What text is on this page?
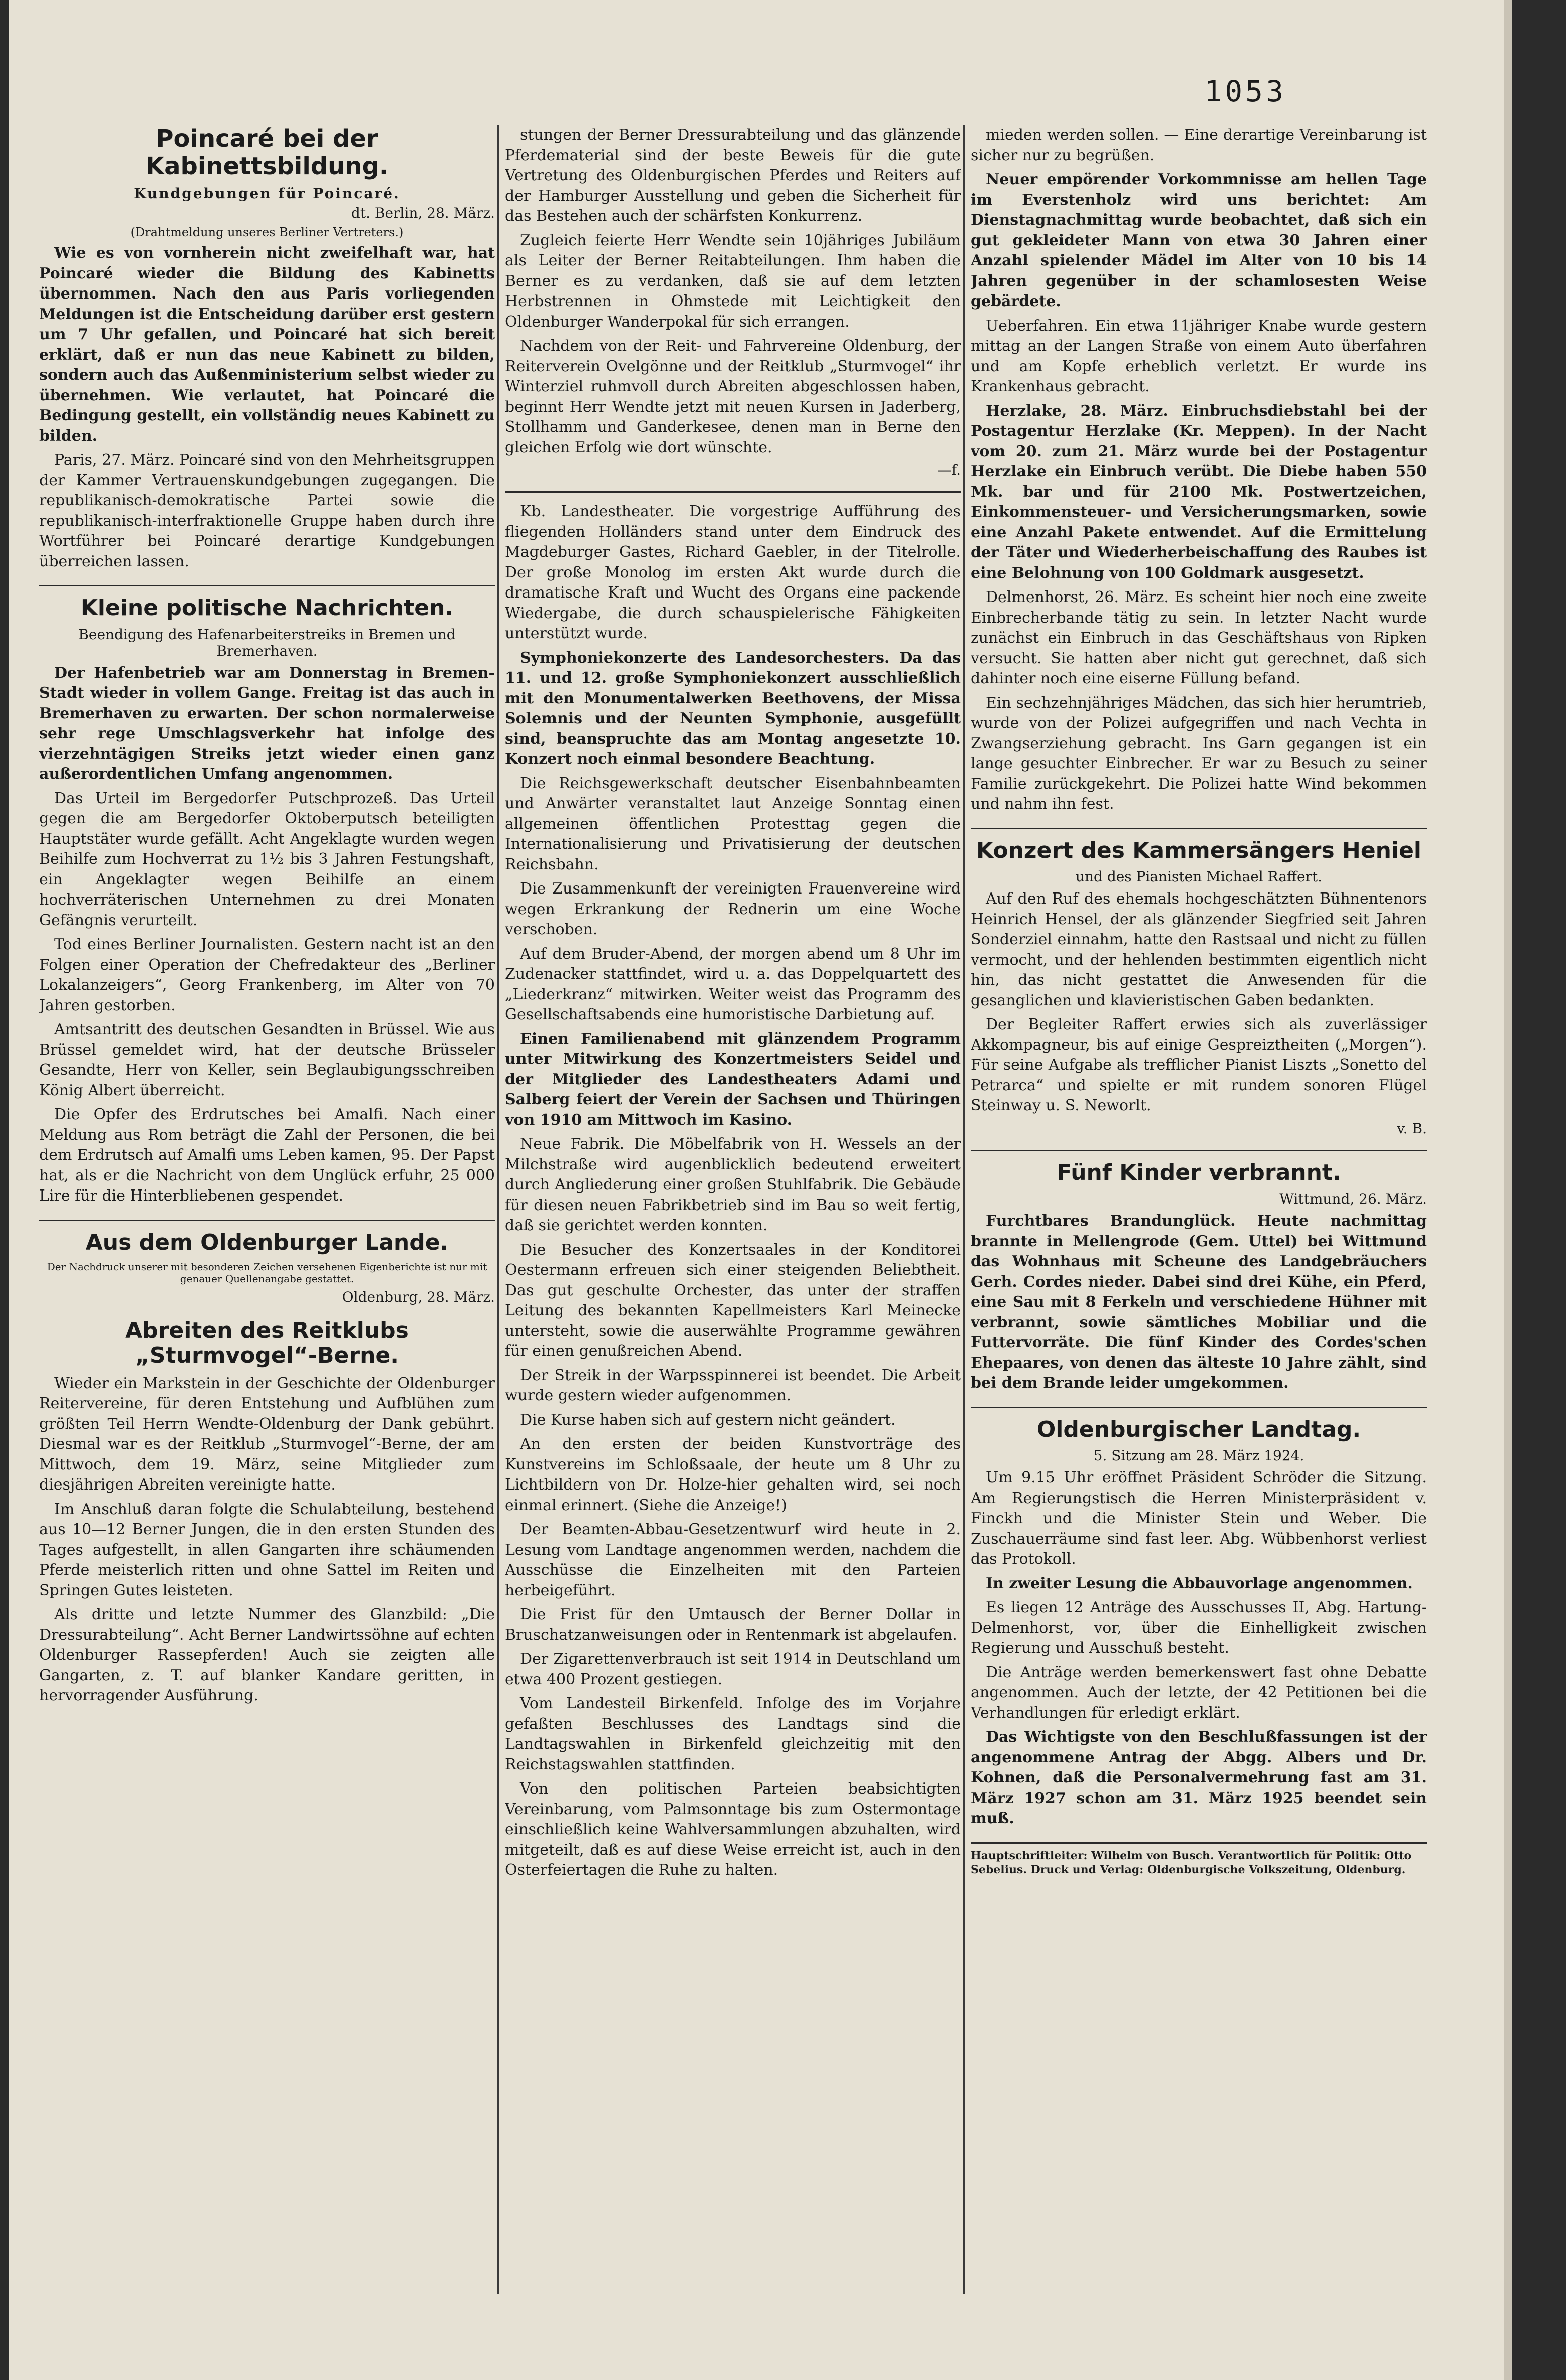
1053
Poincaré bei der Kabinettsbildung.
Kundgebungen für Poincaré.
dt. Berlin, 28. März.
(Drahtmeldung unseres Berliner Vertreters.)

Wie es von vornherein nicht zweifelhaft war, hat Poincaré wieder die Bildung des Kabinetts übernommen. Nach den aus Paris vorliegenden Meldungen ist die Entscheidung darüber erst gestern um 7 Uhr gefallen, und Poincaré hat sich bereit erklärt, daß er nun das neue Kabinett zu bilden, sondern auch das Außenministerium selbst wieder zu übernehmen. Wie verlautet, hat Poincaré die Bedingung gestellt, ein vollständig neues Kabinett zu bilden.

Paris, 27. März. Poincaré sind von den Mehrheitsgruppen der Kammer Vertrauenskundgebungen zugegangen. Die republikanisch-demokratische Partei sowie die republikanisch-interfraktionelle Gruppe haben durch ihre Wortführer bei Poincaré derartige Kundgebungen überreichen lassen.

Kleine politische Nachrichten.
Beendigung des Hafenarbeiterstreiks in Bremen und Bremerhaven.

Der Hafenbetrieb war am Donnerstag in Bremen-Stadt wieder in vollem Gange. Freitag ist das auch in Bremerhaven zu erwarten. Der schon normalerweise sehr rege Umschlagsverkehr hat infolge des vierzehntägigen Streiks jetzt wieder einen ganz außerordentlichen Umfang angenommen.

Das Urteil im Bergedorfer Putschprozeß. Das Urteil gegen die am Bergedorfer Oktoberputsch beteiligten Hauptstäter wurde gefällt. Acht Angeklagte wurden wegen Beihilfe zum Hochverrat zu 1½ bis 3 Jahren Festungshaft, ein Angeklagter wegen Beihilfe an einem hochverräterischen Unternehmen zu drei Monaten Gefängnis verurteilt.

Tod eines Berliner Journalisten. Gestern nacht ist an den Folgen einer Operation der Chefredakteur des „Berliner Lokalanzeigers“, Georg Frankenberg, im Alter von 70 Jahren gestorben.

Amtsantritt des deutschen Gesandten in Brüssel. Wie aus Brüssel gemeldet wird, hat der deutsche Brüsseler Gesandte, Herr von Keller, sein Beglaubigungsschreiben König Albert überreicht.

Die Opfer des Erdrutsches bei Amalfi. Nach einer Meldung aus Rom beträgt die Zahl der Personen, die bei dem Erdrutsch auf Amalfi ums Leben kamen, 95. Der Papst hat, als er die Nachricht von dem Unglück erfuhr, 25 000 Lire für die Hinterbliebenen gespendet.

Aus dem Oldenburger Lande.
Der Nachdruck unserer mit besonderen Zeichen versehenen Eigenberichte ist nur mit genauer Quellenangabe gestattet.
Oldenburg, 28. März.
Abreiten des Reitklubs „Sturmvogel“-Berne.

Wieder ein Markstein in der Geschichte der Oldenburger Reitervereine, für deren Entstehung und Aufblühen zum größten Teil Herrn Wendte-Oldenburg der Dank gebührt. Diesmal war es der Reitklub „Sturmvogel“-Berne, der am Mittwoch, dem 19. März, seine Mitglieder zum diesjährigen Abreiten vereinigte hatte.

Im Anschluß daran folgte die Schulabteilung, bestehend aus 10—12 Berner Jungen, die in den ersten Stunden des Tages aufgestellt, in allen Gangarten ihre schäumenden Pferde meisterlich ritten und ohne Sattel im Reiten und Springen Gutes leisteten.

Als dritte und letzte Nummer des Glanzbild: „Die Dressurabteilung“. Acht Berner Landwirtssöhne auf echten Oldenburger Rassepferden! Auch sie zeigten alle Gangarten, z. T. auf blanker Kandare geritten, in hervorragender Ausführung.

stungen der Berner Dressurabteilung und das glänzende Pferdematerial sind der beste Beweis für die gute Vertretung des Oldenburgischen Pferdes und Reiters auf der Hamburger Ausstellung und geben die Sicherheit für das Bestehen auch der schärfsten Konkurrenz.

Zugleich feierte Herr Wendte sein 10jähriges Jubiläum als Leiter der Berner Reitabteilungen. Ihm haben die Berner es zu verdanken, daß sie auf dem letzten Herbstrennen in Ohmstede mit Leichtigkeit den Oldenburger Wanderpokal für sich errangen.

Nachdem von der Reit- und Fahrvereine Oldenburg, der Reiterverein Ovelgönne und der Reitklub „Sturmvogel“ ihr Winterziel ruhmvoll durch Abreiten abgeschlossen haben, beginnt Herr Wendte jetzt mit neuen Kursen in Jaderberg, Stollhamm und Ganderkesee, denen man in Berne den gleichen Erfolg wie dort wünschte.

—f.

Kb. Landestheater. Die vorgestrige Aufführung des fliegenden Holländers stand unter dem Eindruck des Magdeburger Gastes, Richard Gaebler, in der Titelrolle. Der große Monolog im ersten Akt wurde durch die dramatische Kraft und Wucht des Organs eine packende Wiedergabe, die durch schauspielerische Fähigkeiten unterstützt wurde.

Symphoniekonzerte des Landesorchesters. Da das 11. und 12. große Symphoniekonzert ausschließlich mit den Monumentalwerken Beethovens, der Missa Solemnis und der Neunten Symphonie, ausgefüllt sind, beanspruchte das am Montag angesetzte 10. Konzert noch einmal besondere Beachtung.

Die Reichsgewerkschaft deutscher Eisenbahnbeamten und Anwärter veranstaltet laut Anzeige Sonntag einen allgemeinen öffentlichen Protesttag gegen die Internationalisierung und Privatisierung der deutschen Reichsbahn.

Die Zusammenkunft der vereinigten Frauenvereine wird wegen Erkrankung der Rednerin um eine Woche verschoben.

Auf dem Bruder-Abend, der morgen abend um 8 Uhr im Zudenacker stattfindet, wird u. a. das Doppelquartett des „Liederkranz“ mitwirken. Weiter weist das Programm des Gesellschaftsabends eine humoristische Darbietung auf.

Einen Familienabend mit glänzendem Programm unter Mitwirkung des Konzertmeisters Seidel und der Mitglieder des Landestheaters Adami und Salberg feiert der Verein der Sachsen und Thüringen von 1910 am Mittwoch im Kasino.

Neue Fabrik. Die Möbelfabrik von H. Wessels an der Milchstraße wird augenblicklich bedeutend erweitert durch Angliederung einer großen Stuhlfabrik. Die Gebäude für diesen neuen Fabrikbetrieb sind im Bau so weit fertig, daß sie gerichtet werden konnten.

Die Besucher des Konzertsaales in der Konditorei Oestermann erfreuen sich einer steigenden Beliebtheit. Das gut geschulte Orchester, das unter der straffen Leitung des bekannten Kapellmeisters Karl Meinecke untersteht, sowie die auserwählte Programme gewähren für einen genußreichen Abend.

Der Streik in der Warpsspinnerei ist beendet. Die Arbeit wurde gestern wieder aufgenommen.

Die Kurse haben sich auf gestern nicht geändert.

An den ersten der beiden Kunstvorträge des Kunstvereins im Schloßsaale, der heute um 8 Uhr zu Lichtbildern von Dr. Holze-hier gehalten wird, sei noch einmal erinnert. (Siehe die Anzeige!)

Der Beamten-Abbau-Gesetzentwurf wird heute in 2. Lesung vom Landtage angenommen werden, nachdem die Ausschüsse die Einzelheiten mit den Parteien herbeigeführt.

Die Frist für den Umtausch der Berner Dollar in Bruschatzanweisungen oder in Rentenmark ist abgelaufen.

Der Zigarettenverbrauch ist seit 1914 in Deutschland um etwa 400 Prozent gestiegen.

Vom Landesteil Birkenfeld. Infolge des im Vorjahre gefaßten Beschlusses des Landtags sind die Landtagswahlen in Birkenfeld gleichzeitig mit den Reichstagswahlen stattfinden.

Von den politischen Parteien beabsichtigten Vereinbarung, vom Palmsonntage bis zum Ostermontage einschließlich keine Wahlversammlungen abzuhalten, wird mitgeteilt, daß es auf diese Weise erreicht ist, auch in den Osterfeiertagen die Ruhe zu halten.

mieden werden sollen. — Eine derartige Vereinbarung ist sicher nur zu begrüßen.

Neuer empörender Vorkommnisse am hellen Tage im Everstenholz wird uns berichtet: Am Dienstagnachmittag wurde beobachtet, daß sich ein gut gekleideter Mann von etwa 30 Jahren einer Anzahl spielender Mädel im Alter von 10 bis 14 Jahren gegenüber in der schamlosesten Weise gebärdete.

Ueberfahren. Ein etwa 11jähriger Knabe wurde gestern mittag an der Langen Straße von einem Auto überfahren und am Kopfe erheblich verletzt. Er wurde ins Krankenhaus gebracht.

Herzlake, 28. März. Einbruchsdiebstahl bei der Postagentur Herzlake (Kr. Meppen). In der Nacht vom 20. zum 21. März wurde bei der Postagentur Herzlake ein Einbruch verübt. Die Diebe haben 550 Mk. bar und für 2100 Mk. Postwertzeichen, Einkommensteuer- und Versicherungsmarken, sowie eine Anzahl Pakete entwendet. Auf die Ermittelung der Täter und Wiederherbeischaffung des Raubes ist eine Belohnung von 100 Goldmark ausgesetzt.

Delmenhorst, 26. März. Es scheint hier noch eine zweite Einbrecherbande tätig zu sein. In letzter Nacht wurde zunächst ein Einbruch in das Geschäftshaus von Ripken versucht. Sie hatten aber nicht gut gerechnet, daß sich dahinter noch eine eiserne Füllung befand.

Ein sechzehnjähriges Mädchen, das sich hier herumtrieb, wurde von der Polizei aufgegriffen und nach Vechta in Zwangserziehung gebracht. Ins Garn gegangen ist ein lange gesuchter Einbrecher. Er war zu Besuch zu seiner Familie zurückgekehrt. Die Polizei hatte Wind bekommen und nahm ihn fest.

Konzert des Kammersängers Heniel
und des Pianisten Michael Raffert.

Auf den Ruf des ehemals hochgeschätzten Bühnentenors Heinrich Hensel, der als glänzender Siegfried seit Jahren Sonderziel einnahm, hatte den Rastsaal und nicht zu füllen vermocht, und der hehlenden bestimmten eigentlich nicht hin, das nicht gestattet die Anwesenden für die gesanglichen und klavieristischen Gaben bedankten.

Der Begleiter Raffert erwies sich als zuverlässiger Akkompagneur, bis auf einige Gespreiztheiten („Morgen“). Für seine Aufgabe als trefflicher Pianist Liszts „Sonetto del Petrarca“ und spielte er mit rundem sonoren Flügel Steinway u. S. Neworlt.

v. B.
Fünf Kinder verbrannt.
Wittmund, 26. März.

Furchtbares Brandunglück. Heute nachmittag brannte in Mellengrode (Gem. Uttel) bei Wittmund das Wohnhaus mit Scheune des Landgebräuchers Gerh. Cordes nieder. Dabei sind drei Kühe, ein Pferd, eine Sau mit 8 Ferkeln und verschiedene Hühner mit verbrannt, sowie sämtliches Mobiliar und die Futtervorräte. Die fünf Kinder des Cordes'schen Ehepaares, von denen das älteste 10 Jahre zählt, sind bei dem Brande leider umgekommen.

Oldenburgischer Landtag.
5. Sitzung am 28. März 1924.

Um 9.15 Uhr eröffnet Präsident Schröder die Sitzung. Am Regierungstisch die Herren Ministerpräsident v. Finckh und die Minister Stein und Weber. Die Zuschauerräume sind fast leer. Abg. Wübbenhorst verliest das Protokoll.

In zweiter Lesung die Abbauvorlage angenommen.

Es liegen 12 Anträge des Ausschusses II, Abg. Hartung-Delmenhorst, vor, über die Einhelligkeit zwischen Regierung und Ausschuß besteht.

Die Anträge werden bemerkenswert fast ohne Debatte angenommen. Auch der letzte, der 42 Petitionen bei die Verhandlungen für erledigt erklärt.

Das Wichtigste von den Beschlußfassungen ist der angenommene Antrag der Abgg. Albers und Dr. Kohnen, daß die Personalvermehrung fast am 31. März 1927 schon am 31. März 1925 beendet sein muß.

Hauptschriftleiter: Wilhelm von Busch. Verantwortlich für Politik: Otto Sebelius. Druck und Verlag: Oldenburgische Volkszeitung, Oldenburg.
